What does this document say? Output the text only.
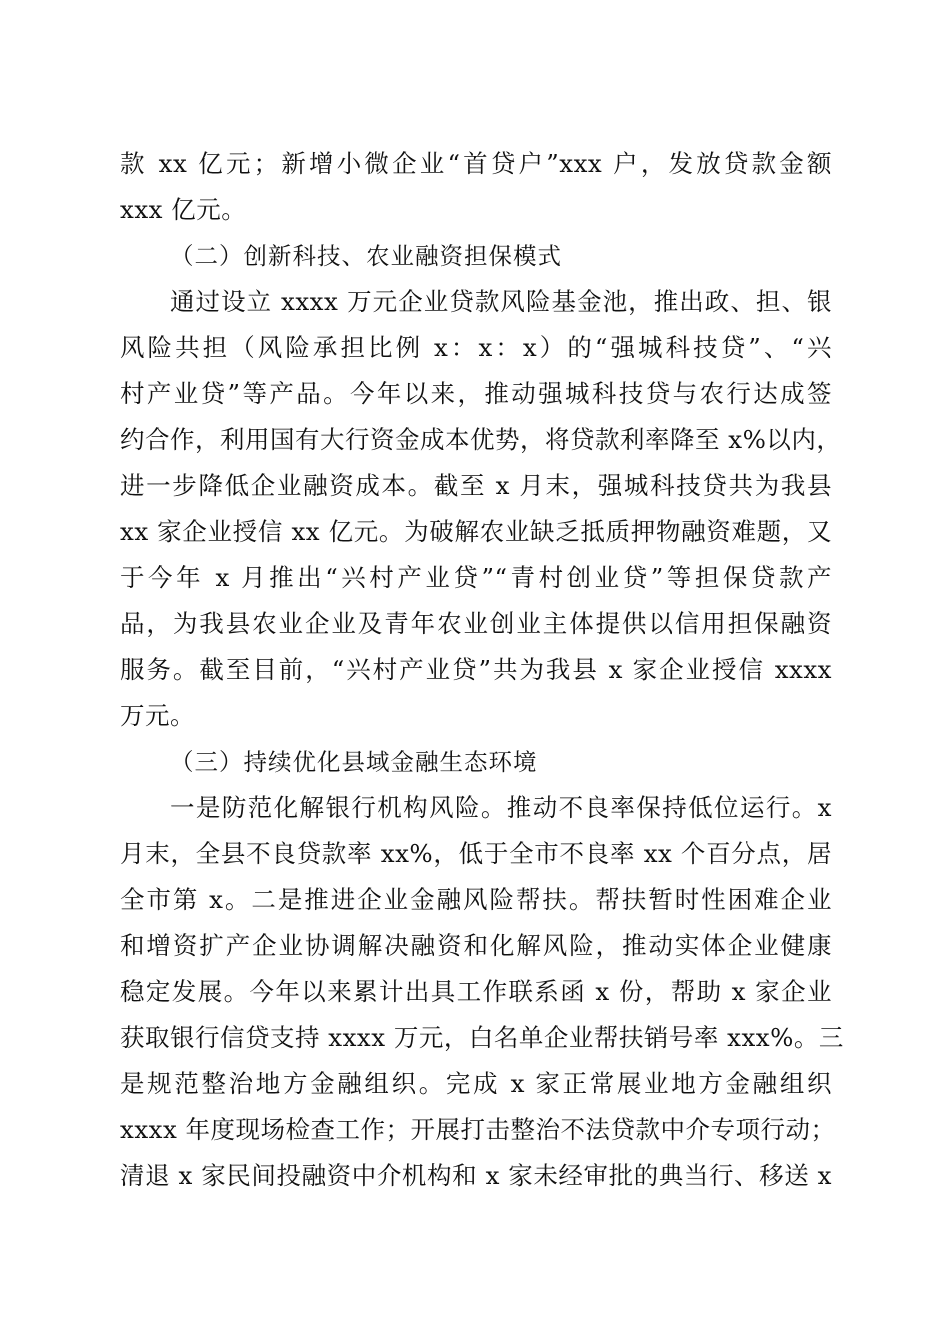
款 xx 亿元；新增小微企业“首贷户”xxx 户，发放贷款金额
xxx 亿元。
（二）创新科技、农业融资担保模式
通过设立 xxxx 万元企业贷款风险基金池，推出政、担、银
风险共担（风险承担比例 x：x：x）的“强城科技贷”、“兴
村产业贷”等产品。今年以来，推动强城科技贷与农行达成签
约合作，利用国有大行资金成本优势，将贷款利率降至 x%以内，
进一步降低企业融资成本。截至 x 月末，强城科技贷共为我县
xx 家企业授信 xx 亿元。为破解农业缺乏抵质押物融资难题，又
于今年 x 月推出“兴村产业贷”“青村创业贷”等担保贷款产
品，为我县农业企业及青年农业创业主体提供以信用担保融资
服务。截至目前，“兴村产业贷”共为我县 x 家企业授信 xxxx
万元。
（三）持续优化县域金融生态环境
一是防范化解银行机构风险。推动不良率保持低位运行。x
月末，全县不良贷款率 xx%，低于全市不良率 xx 个百分点，居
全市第 x。二是推进企业金融风险帮扶。帮扶暂时性困难企业
和增资扩产企业协调解决融资和化解风险，推动实体企业健康
稳定发展。今年以来累计出具工作联系函 x 份，帮助 x 家企业
获取银行信贷支持 xxxx 万元，白名单企业帮扶销号率 xxx%。三
是规范整治地方金融组织。完成 x 家正常展业地方金融组织
xxxx 年度现场检查工作；开展打击整治不法贷款中介专项行动；
清退 x 家民间投融资中介机构和 x 家未经审批的典当行、移送 x
